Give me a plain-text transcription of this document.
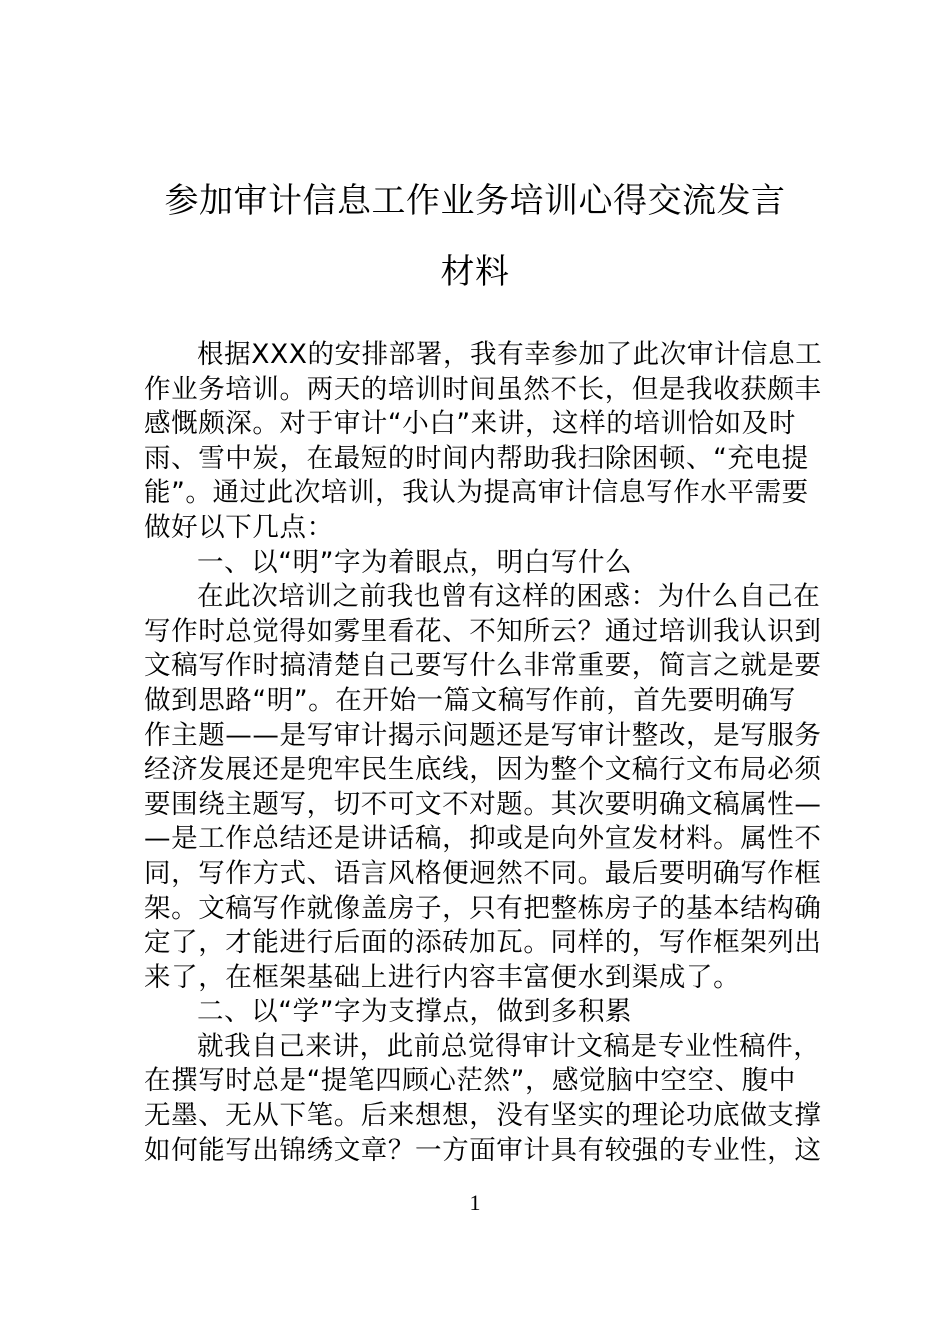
参加审计信息工作业务培训心得交流发言
材料
根据XXX的安排部署，我有幸参加了此次审计信息工
作业务培训。两天的培训时间虽然不长，但是我收获颇丰
感慨颇深。对于审计“小白”来讲，这样的培训恰如及时
雨、雪中炭，在最短的时间内帮助我扫除困顿、“充电提
能”。通过此次培训，我认为提高审计信息写作水平需要
做好以下几点：
一、以“明”字为着眼点，明白写什么
在此次培训之前我也曾有这样的困惑：为什么自己在
写作时总觉得如雾里看花、不知所云？通过培训我认识到
文稿写作时搞清楚自己要写什么非常重要，简言之就是要
做到思路“明”。在开始一篇文稿写作前，首先要明确写
作主题——是写审计揭示问题还是写审计整改，是写服务
经济发展还是兜牢民生底线，因为整个文稿行文布局必须
要围绕主题写，切不可文不对题。其次要明确文稿属性—
—是工作总结还是讲话稿，抑或是向外宣发材料。属性不
同，写作方式、语言风格便迥然不同。最后要明确写作框
架。文稿写作就像盖房子，只有把整栋房子的基本结构确
定了，才能进行后面的添砖加瓦。同样的，写作框架列出
来了，在框架基础上进行内容丰富便水到渠成了。
二、以“学”字为支撑点，做到多积累
就我自己来讲，此前总觉得审计文稿是专业性稿件，
在撰写时总是“提笔四顾心茫然”，感觉脑中空空、腹中
无墨、无从下笔。后来想想，没有坚实的理论功底做支撑
如何能写出锦绣文章？一方面审计具有较强的专业性，这
1
